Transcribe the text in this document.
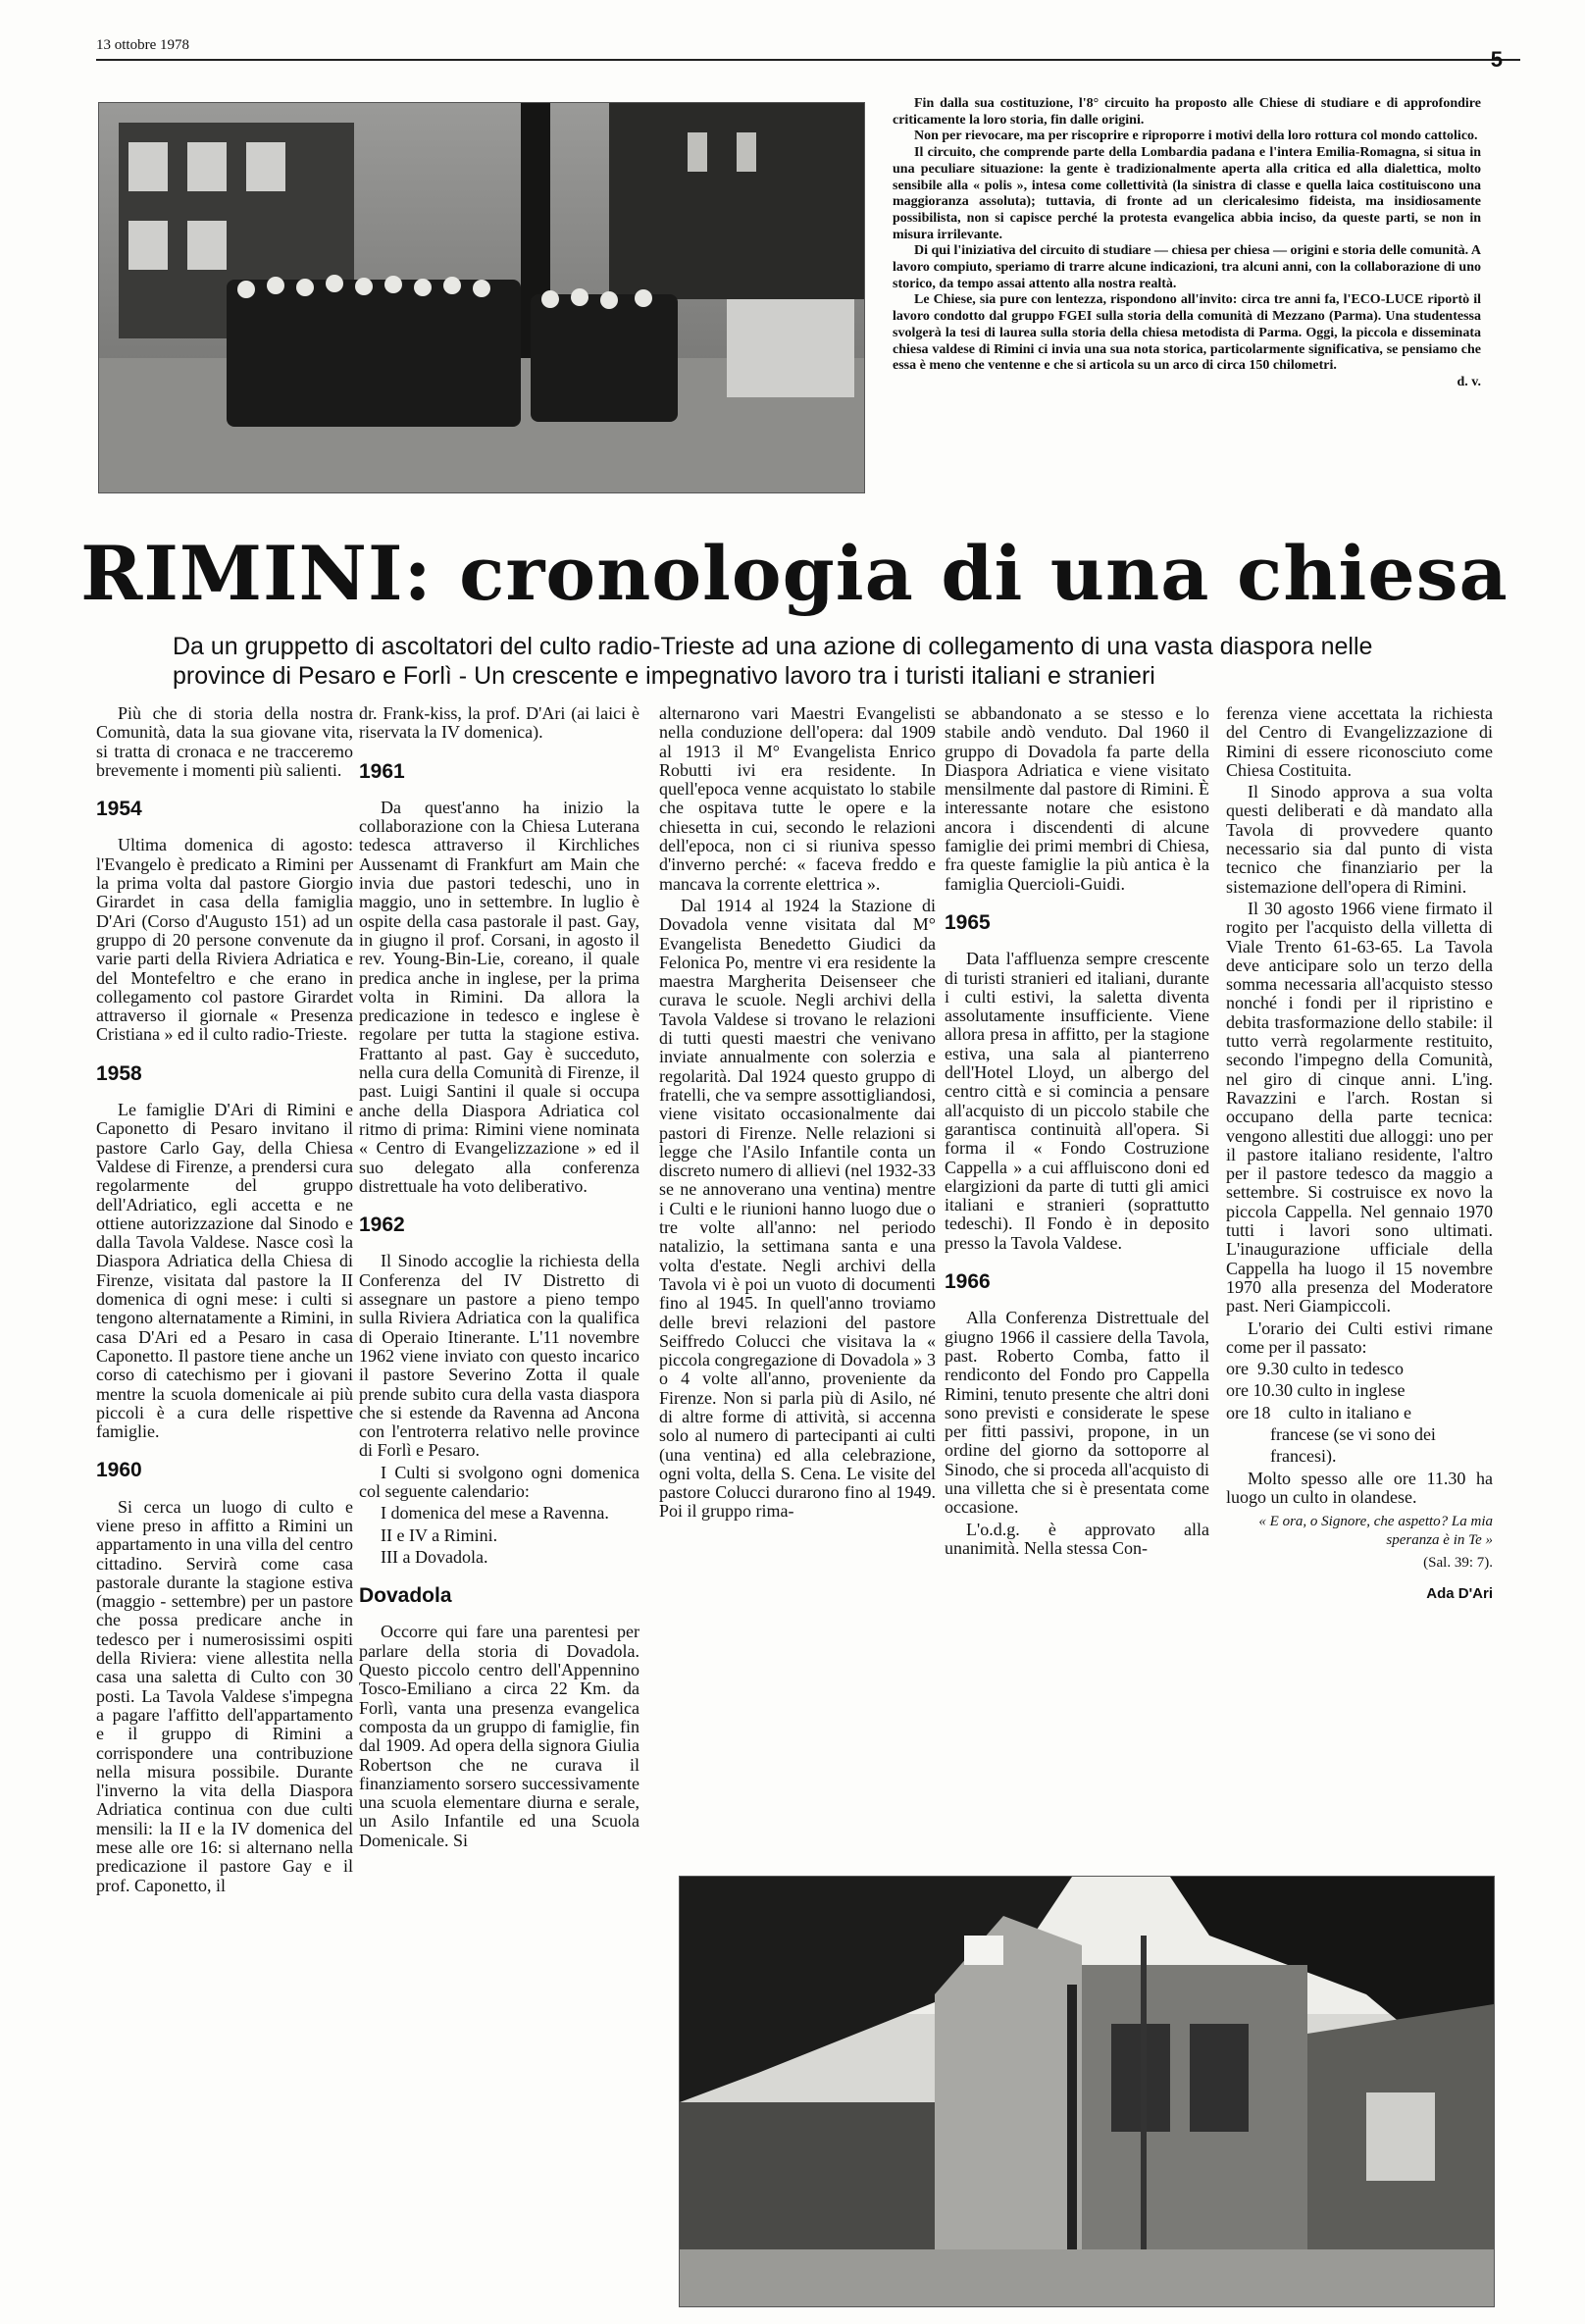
13 ottobre 1978
5

Fin dalla sua costituzione, l'8° circuito ha proposto alle Chiese di studiare e di approfondire criticamente la loro storia, fin dalle origini.

Non per rievocare, ma per riscoprire e riproporre i motivi della loro rottura col mondo cattolico.

Il circuito, che comprende parte della Lombardia padana e l'intera Emilia-Romagna, si situa in una peculiare situazione: la gente è tradizionalmente aperta alla critica ed alla dialettica, molto sensibile alla « polis », intesa come collettività (la sinistra di classe e quella laica costituiscono una maggioranza assoluta); tuttavia, di fronte ad un clericalesimo fideista, ma insidiosamente possibilista, non si capisce perché la protesta evangelica abbia inciso, da queste parti, se non in misura irrilevante.

Di qui l'iniziativa del circuito di studiare — chiesa per chiesa — origini e storia delle comunità. A lavoro compiuto, speriamo di trarre alcune indicazioni, tra alcuni anni, con la collaborazione di uno storico, da tempo assai attento alla nostra realtà.

Le Chiese, sia pure con lentezza, rispondono all'invito: circa tre anni fa, l'ECO-LUCE riportò il lavoro condotto dal gruppo FGEI sulla storia della comunità di Mezzano (Parma). Una studentessa svolgerà la tesi di laurea sulla storia della chiesa metodista di Parma. Oggi, la piccola e disseminata chiesa valdese di Rimini ci invia una sua nota storica, particolarmente significativa, se pensiamo che essa è meno che ventenne e che si articola su un arco di circa 150 chilometri.

d. v.

RIMINI: cronologia di una chiesa
Da un gruppetto di ascoltatori del culto radio-Trieste ad una azione di collegamento di una vasta diaspora nelle province di Pesaro e Forlì - Un crescente e impegnativo lavoro tra i turisti italiani e stranieri

Più che di storia della nostra Comunità, data la sua giovane vita, si tratta di cronaca e ne tracceremo brevemente i momenti più salienti.

1954

Ultima domenica di agosto: l'Evangelo è predicato a Rimini per la prima volta dal pastore Giorgio Girardet in casa della famiglia D'Ari (Corso d'Augusto 151) ad un gruppo di 20 persone convenute da varie parti della Riviera Adriatica e del Montefeltro e che erano in collegamento col pastore Girardet attraverso il giornale « Presenza Cristiana » ed il culto radio-Trieste.

1958

Le famiglie D'Ari di Rimini e Caponetto di Pesaro invitano il pastore Carlo Gay, della Chiesa Valdese di Firenze, a prendersi cura regolarmente del gruppo dell'Adriatico, egli accetta e ne ottiene autorizzazione dal Sinodo e dalla Tavola Valdese. Nasce così la Diaspora Adriatica della Chiesa di Firenze, visitata dal pastore la II domenica di ogni mese: i culti si tengono alternatamente a Rimini, in casa D'Ari ed a Pesaro in casa Caponetto. Il pastore tiene anche un corso di catechismo per i giovani mentre la scuola domenicale ai più piccoli è a cura delle rispettive famiglie.

1960

Si cerca un luogo di culto e viene preso in affitto a Rimini un appartamento in una villa del centro cittadino. Servirà come casa pastorale durante la stagione estiva (maggio - settembre) per un pastore che possa predicare anche in tedesco per i numerosissimi ospiti della Riviera: viene allestita nella casa una saletta di Culto con 30 posti. La Tavola Valdese s'impegna a pagare l'affitto dell'appartamento e il gruppo di Rimini a corrispondere una contribuzione nella misura possibile. Durante l'inverno la vita della Diaspora Adriatica continua con due culti mensili: la II e la IV domenica del mese alle ore 16: si alternano nella predicazione il pastore Gay e il prof. Caponetto, il

dr. Frank-kiss, la prof. D'Ari (ai laici è riservata la IV domenica).

1961

Da quest'anno ha inizio la collaborazione con la Chiesa Luterana tedesca attraverso il Kirchliches Aussenamt di Frankfurt am Main che invia due pastori tedeschi, uno in maggio, uno in settembre. In luglio è ospite della casa pastorale il past. Gay, in giugno il prof. Corsani, in agosto il rev. Young-Bin-Lie, coreano, il quale predica anche in inglese, per la prima volta in Rimini. Da allora la predicazione in tedesco e inglese è regolare per tutta la stagione estiva. Frattanto al past. Gay è succeduto, nella cura della Comunità di Firenze, il past. Luigi Santini il quale si occupa anche della Diaspora Adriatica col ritmo di prima: Rimini viene nominata « Centro di Evangelizzazione » ed il suo delegato alla conferenza distrettuale ha voto deliberativo.

1962

Il Sinodo accoglie la richiesta della Conferenza del IV Distretto di assegnare un pastore a pieno tempo sulla Riviera Adriatica con la qualifica di Operaio Itinerante. L'11 novembre 1962 viene inviato con questo incarico il pastore Severino Zotta il quale prende subito cura della vasta diaspora che si estende da Ravenna ad Ancona con l'entroterra relativo nelle province di Forlì e Pesaro.

I Culti si svolgono ogni domenica col seguente calendario:

I domenica del mese a Ravenna.

II e IV a Rimini.

III a Dovadola.

Dovadola

Occorre qui fare una parentesi per parlare della storia di Dovadola. Questo piccolo centro dell'Appennino Tosco-Emiliano a circa 22 Km. da Forlì, vanta una presenza evangelica composta da un gruppo di famiglie, fin dal 1909. Ad opera della signora Giulia Robertson che ne curava il finanziamento sorsero successivamente una scuola elementare diurna e serale, un Asilo Infantile ed una Scuola Domenicale. Si

alternarono vari Maestri Evangelisti nella conduzione dell'opera: dal 1909 al 1913 il M° Evangelista Enrico Robutti ivi era residente. In quell'epoca venne acquistato lo stabile che ospitava tutte le opere e la chiesetta in cui, secondo le relazioni dell'epoca, non ci si riuniva spesso d'inverno perché: « faceva freddo e mancava la corrente elettrica ».

Dal 1914 al 1924 la Stazione di Dovadola venne visitata dal M° Evangelista Benedetto Giudici da Felonica Po, mentre vi era residente la maestra Margherita Deisenseer che curava le scuole. Negli archivi della Tavola Valdese si trovano le relazioni di tutti questi maestri che venivano inviate annualmente con solerzia e regolarità. Dal 1924 questo gruppo di fratelli, che va sempre assottigliandosi, viene visitato occasionalmente dai pastori di Firenze. Nelle relazioni si legge che l'Asilo Infantile conta un discreto numero di allievi (nel 1932-33 se ne annoverano una ventina) mentre i Culti e le riunioni hanno luogo due o tre volte all'anno: nel periodo natalizio, la settimana santa e una volta d'estate. Negli archivi della Tavola vi è poi un vuoto di documenti fino al 1945. In quell'anno troviamo delle brevi relazioni del pastore Seiffredo Colucci che visitava la « piccola congregazione di Dovadola » 3 o 4 volte all'anno, proveniente da Firenze. Non si parla più di Asilo, né di altre forme di attività, si accenna solo al numero di partecipanti ai culti (una ventina) ed alla celebrazione, ogni volta, della S. Cena. Le visite del pastore Colucci durarono fino al 1949. Poi il gruppo rima-

se abbandonato a se stesso e lo stabile andò venduto. Dal 1960 il gruppo di Dovadola fa parte della Diaspora Adriatica e viene visitato mensilmente dal pastore di Rimini. È interessante notare che esistono ancora i discendenti di alcune famiglie dei primi membri di Chiesa, fra queste famiglie la più antica è la famiglia Quercioli-Guidi.

1965

Data l'affluenza sempre crescente di turisti stranieri ed italiani, durante i culti estivi, la saletta diventa assolutamente insufficiente. Viene allora presa in affitto, per la stagione estiva, una sala al pianterreno dell'Hotel Lloyd, un albergo del centro città e si comincia a pensare all'acquisto di un piccolo stabile che garantisca continuità all'opera. Si forma il « Fondo Costruzione Cappella » a cui affluiscono doni ed elargizioni da parte di tutti gli amici italiani e stranieri (soprattutto tedeschi). Il Fondo è in deposito presso la Tavola Valdese.

1966

Alla Conferenza Distrettuale del giugno 1966 il cassiere della Tavola, past. Roberto Comba, fatto il rendiconto del Fondo pro Cappella Rimini, tenuto presente che altri doni sono previsti e considerate le spese per fitti passivi, propone, in un ordine del giorno da sottoporre al Sinodo, che si proceda all'acquisto di una villetta che si è presentata come occasione.

L'o.d.g. è approvato alla unanimità. Nella stessa Con-

ferenza viene accettata la richiesta del Centro di Evangelizzazione di Rimini di essere riconosciuto come Chiesa Costituita.

Il Sinodo approva a sua volta questi deliberati e dà mandato alla Tavola di provvedere quanto necessario sia dal punto di vista tecnico che finanziario per la sistemazione dell'opera di Rimini.

Il 30 agosto 1966 viene firmato il rogito per l'acquisto della villetta di Viale Trento 61-63-65. La Tavola deve anticipare solo un terzo della somma necessaria all'acquisto stesso nonché i fondi per il ripristino e debita trasformazione dello stabile: il tutto verrà regolarmente restituito, secondo l'impegno della Comunità, nel giro di cinque anni. L'ing. Ravazzini e l'arch. Rostan si occupano della parte tecnica: vengono allestiti due alloggi: uno per il pastore italiano residente, l'altro per il pastore tedesco da maggio a settembre. Si costruisce ex novo la piccola Cappella. Nel gennaio 1970 tutti i lavori sono ultimati. L'inaugurazione ufficiale della Cappella ha luogo il 15 novembre 1970 alla presenza del Moderatore past. Neri Giampiccoli.

L'orario dei Culti estivi rimane come per il passato:

ore  9.30 culto in tedesco

ore 10.30 culto in inglese

ore 18    culto in italiano e

francese (se vi sono dei

francesi).

Molto spesso alle ore 11.30 ha luogo un culto in olandese.

« E ora, o Signore, che aspetto? La mia speranza è in Te »

(Sal. 39: 7).

Ada D'Ari
